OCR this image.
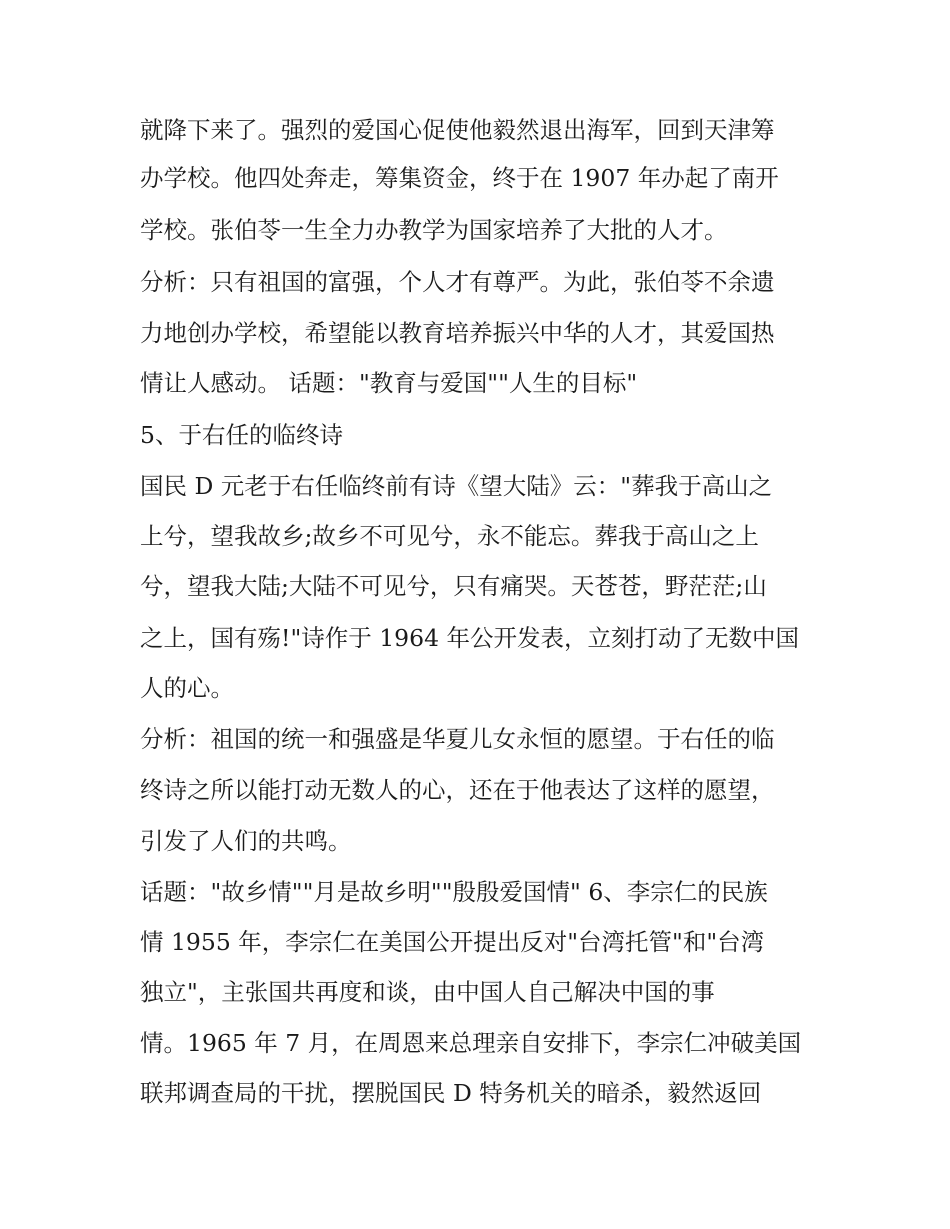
就降下来了。强烈的爱国心促使他毅然退出海军，回到天津筹
办学校。他四处奔走，筹集资金，终于在 1907 年办起了南开
学校。张伯苓一生全力办教学为国家培养了大批的人才。
分析：只有祖国的富强，个人才有尊严。为此，张伯苓不余遗
力地创办学校，希望能以教育培养振兴中华的人才，其爱国热
情让人感动。 话题："教育与爱国""人生的目标"
5、于右任的临终诗
国民 D 元老于右任临终前有诗《望大陆》云："葬我于高山之
上兮，望我故乡;故乡不可见兮，永不能忘。葬我于高山之上
兮，望我大陆;大陆不可见兮，只有痛哭。天苍苍，野茫茫;山
之上，国有殇!"诗作于 1964 年公开发表，立刻打动了无数中国
人的心。
分析：祖国的统一和强盛是华夏儿女永恒的愿望。于右任的临
终诗之所以能打动无数人的心，还在于他表达了这样的愿望，
引发了人们的共鸣。
话题："故乡情""月是故乡明""殷殷爱国情" 6、李宗仁的民族
情 1955 年，李宗仁在美国公开提出反对"台湾托管"和"台湾
独立"，主张国共再度和谈，由中国人自己解决中国的事
情。1965 年 7 月，在周恩来总理亲自安排下，李宗仁冲破美国
联邦调查局的干扰，摆脱国民 D 特务机关的暗杀，毅然返回
